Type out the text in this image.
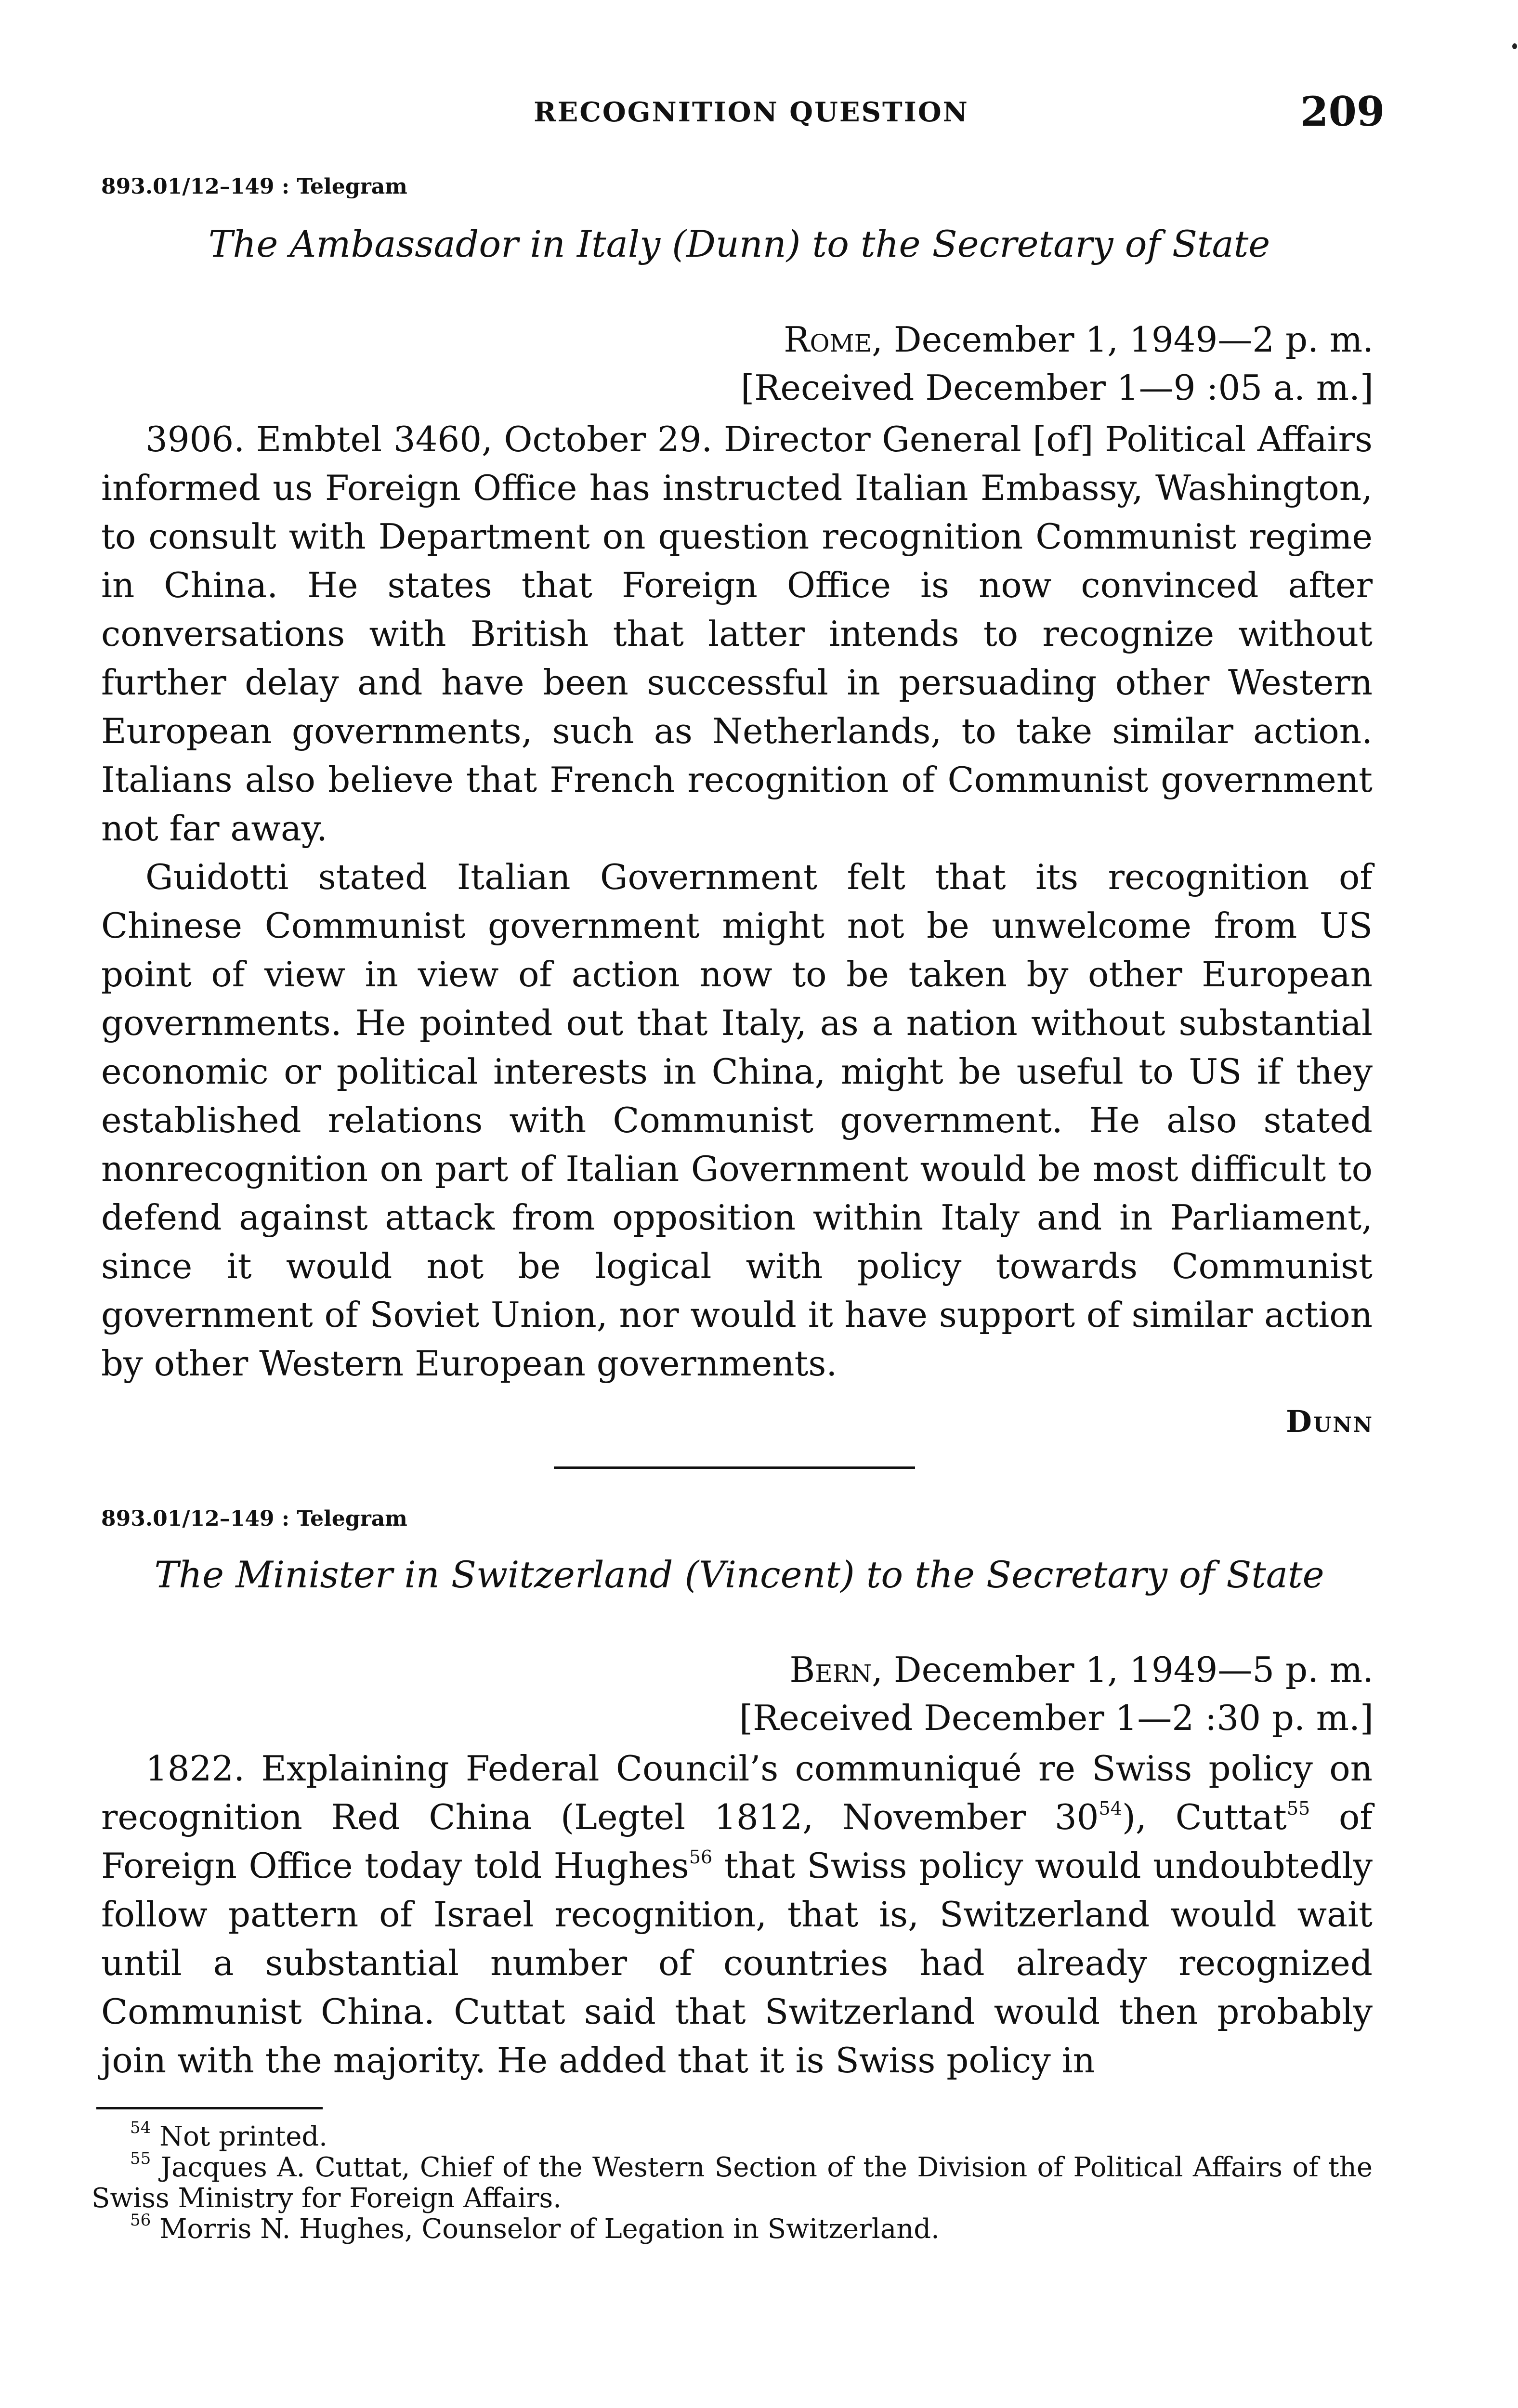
RECOGNITION QUESTION	209
893.01/12–149 : Telegram
The Ambassador in Italy (Dunn) to the Secretary of State
Rome, December 1, 1949—2 p. m.
[Received December 1—9 :05 a. m.]

3906. Embtel 3460, October 29. Director General [of] Political Affairs informed us Foreign Office has instructed Italian Embassy, Washington, to consult with Department on question recognition Communist regime in China. He states that Foreign Office is now convinced after conversations with British that latter intends to recognize without further delay and have been successful in persuading other Western European governments, such as Netherlands, to take similar action. Italians also believe that French recognition of Communist government not far away.

Guidotti stated Italian Government felt that its recognition of Chinese Communist government might not be unwelcome from US point of view in view of action now to be taken by other European governments. He pointed out that Italy, as a nation without substantial economic or political interests in China, might be useful to US if they established relations with Communist government. He also stated nonrecognition on part of Italian Government would be most difficult to defend against attack from opposition within Italy and in Parliament, since it would not be logical with policy towards Communist government of Soviet Union, nor would it have support of similar action by other Western European governments.

Dunn
893.01/12–149 : Telegram
The Minister in Switzerland (Vincent) to the Secretary of State
Bern, December 1, 1949—5 p. m.
[Received December 1—2 :30 p. m.]

1822. Explaining Federal Council’s communiqué re Swiss policy on recognition Red China (Legtel 1812, November 30$^{54}$), Cuttat$^{55}$ of Foreign Office today told Hughes$^{56}$ that Swiss policy would undoubtedly follow pattern of Israel recognition, that is, Switzerland would wait until a substantial number of countries had already recognized Communist China. Cuttat said that Switzerland would then probably join with the majority. He added that it is Swiss policy in

$^{54}$ Not printed.

$^{55}$ Jacques A. Cuttat, Chief of the Western Section of the Division of Political Affairs of the Swiss Ministry for Foreign Affairs.

$^{56}$ Morris N. Hughes, Counselor of Legation in Switzerland.
